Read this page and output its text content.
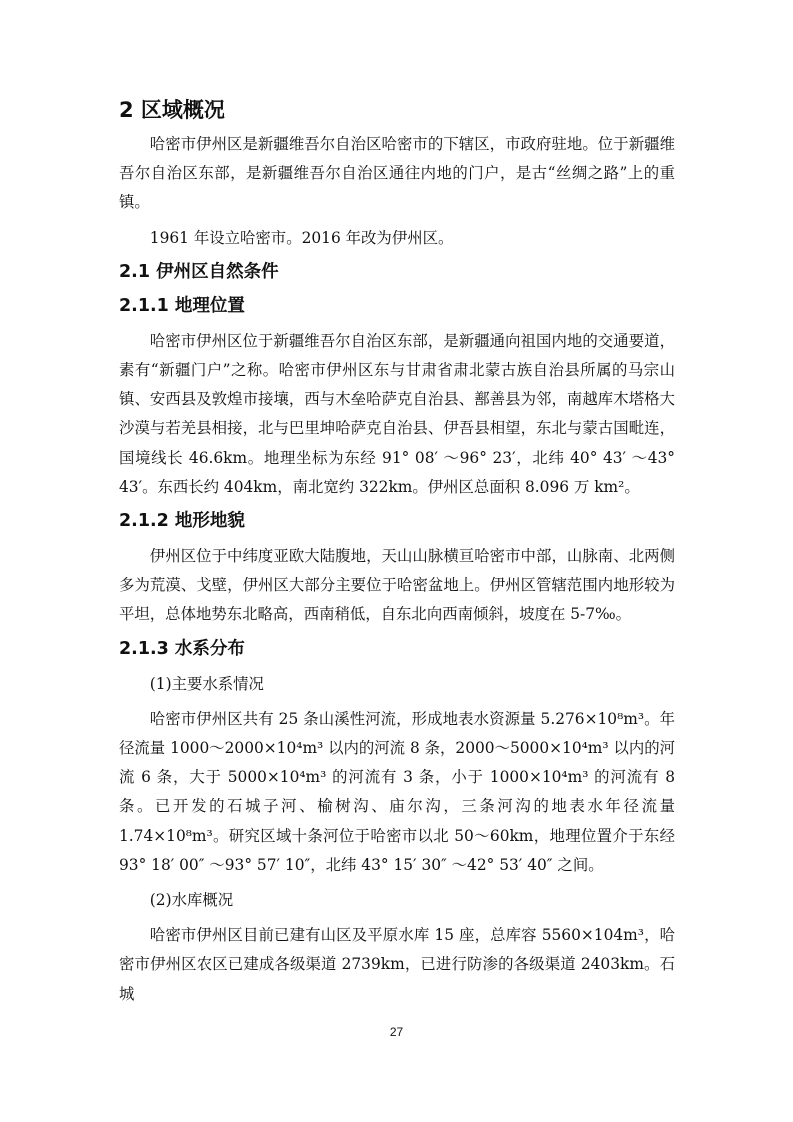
2 区域概况

哈密市伊州区是新疆维吾尔自治区哈密市的下辖区，市政府驻地。位于新疆维吾尔自治区东部，是新疆维吾尔自治区通往内地的门户，是古“丝绸之路”上的重镇。

1961 年设立哈密市。2016 年改为伊州区。

2.1 伊州区自然条件
2.1.1 地理位置

哈密市伊州区位于新疆维吾尔自治区东部，是新疆通向祖国内地的交通要道，素有“新疆门户”之称。哈密市伊州区东与甘肃省肃北蒙古族自治县所属的马宗山镇、安西县及敦煌市接壤，西与木垒哈萨克自治县、鄯善县为邻，南越库木塔格大沙漠与若羌县相接，北与巴里坤哈萨克自治县、伊吾县相望，东北与蒙古国毗连，国境线长 46.6km。地理坐标为东经 91° 08′ ～96° 23′，北纬 40° 43′ ～43° 43′。东西长约 404km，南北宽约 322km。伊州区总面积 8.096 万 km²。

2.1.2 地形地貌

伊州区位于中纬度亚欧大陆腹地，天山山脉横亘哈密市中部，山脉南、北两侧多为荒漠、戈壁，伊州区大部分主要位于哈密盆地上。伊州区管辖范围内地形较为平坦，总体地势东北略高，西南稍低，自东北向西南倾斜，坡度在 5-7‰。

2.1.3 水系分布

(1)主要水系情况

哈密市伊州区共有 25 条山溪性河流，形成地表水资源量 5.276×10⁸m³。年径流量 1000～2000×10⁴m³ 以内的河流 8 条，2000～5000×10⁴m³ 以内的河流 6 条，大于 5000×10⁴m³ 的河流有 3 条，小于 1000×10⁴m³ 的河流有 8 条。已开发的石城子河、榆树沟、庙尔沟，三条河沟的地表水年径流量 1.74×10⁸m³。研究区域十条河位于哈密市以北 50～60km，地理位置介于东经 93° 18′ 00″ ～93° 57′ 10″，北纬 43° 15′ 30″ ～42° 53′ 40″ 之间。

(2)水库概况

哈密市伊州区目前已建有山区及平原水库 15 座，总库容 5560×104m³，哈密市伊州区农区已建成各级渠道 2739km，已进行防渗的各级渠道 2403km。石城

27
